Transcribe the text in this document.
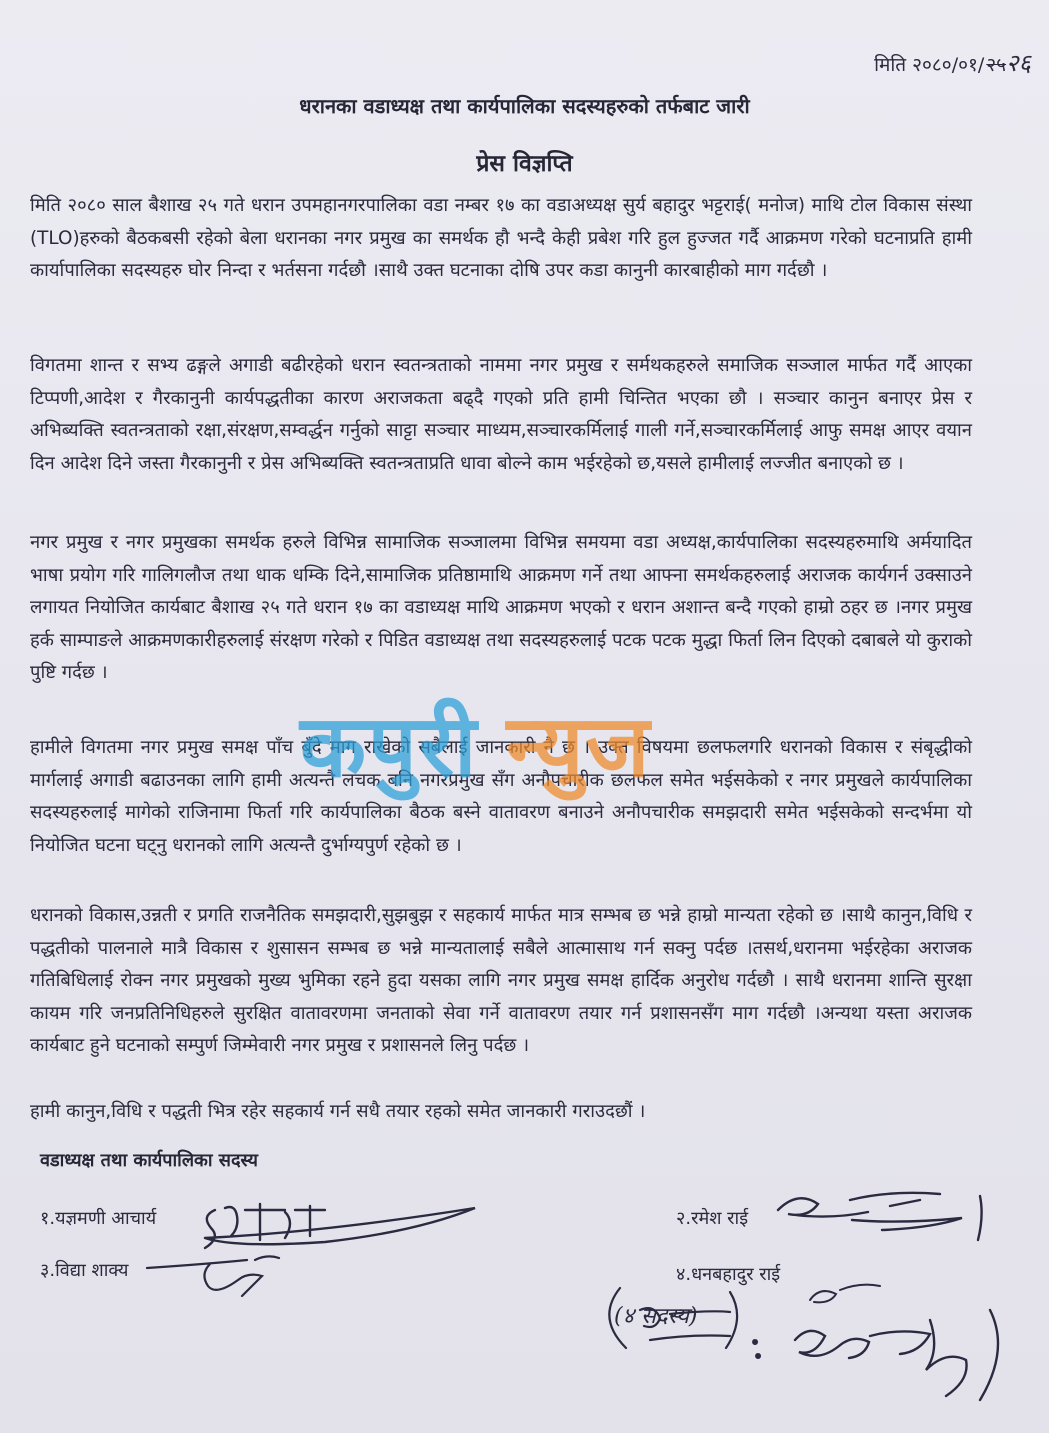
मिति २०८०/०१/ २५२६
धरानका वडाध्यक्ष तथा कार्यपालिका सदस्यहरुको तर्फबाट जारी
प्रेस विज्ञप्ति

मिति २०८० साल बैशाख २५ गते धरान उपमहानगरपालिका वडा नम्बर १७ का वडाअध्यक्ष सुर्य बहादुर भट्टराई( मनोज) माथि टोल विकास संस्था (TLO)हरुको बैठकबसी रहेको बेला धरानका नगर प्रमुख का समर्थक हौ भन्दै केही प्रबेश गरि हुल हुज्जत गर्दै आक्रमण गरेको घटनाप्रति हामी कार्यापालिका सदस्यहरु घोर निन्दा र भर्तसना गर्दछौ ।साथै उक्त घटनाका दोषि उपर कडा कानुनी कारबाहीको माग गर्दछौ ।

विगतमा शान्त र सभ्य ढङ्गले अगाडी बढीरहेको धरान स्वतन्त्रताको नाममा नगर प्रमुख र सर्मथकहरुले समाजिक सञ्जाल मार्फत गर्दै आएका टिप्पणी,आदेश र गैरकानुनी कार्यपद्धतीका कारण अराजकता बढ्दै गएको प्रति हामी चिन्तित भएका छौ । सञ्चार कानुन बनाएर प्रेस र अभिब्यक्ति स्वतन्त्रताको रक्षा,संरक्षण,सम्वर्द्धन गर्नुको साट्टा सञ्चार माध्यम,सञ्चारकर्मिलाई गाली गर्ने,सञ्चारकर्मिलाई आफु समक्ष आएर वयान दिन आदेश दिने जस्ता गैरकानुनी र प्रेस अभिब्यक्ति स्वतन्त्रताप्रति धावा बोल्ने काम भईरहेको छ,यसले हामीलाई लज्जीत बनाएको छ ।

नगर प्रमुख र नगर प्रमुखका समर्थक हरुले विभिन्न सामाजिक सञ्जालमा विभिन्न समयमा वडा अध्यक्ष,कार्यपालिका सदस्यहरुमाथि अर्मयादित भाषा प्रयोग गरि गालिगलौज तथा धाक धम्कि दिने,सामाजिक प्रतिष्ठामाथि आक्रमण गर्ने तथा आफ्ना समर्थकहरुलाई अराजक कार्यगर्न उक्साउने लगायत नियोजित कार्यबाट बैशाख २५ गते धरान १७ का वडाध्यक्ष माथि आक्रमण भएको र धरान अशान्त बन्दै गएको हाम्रो ठहर छ ।नगर प्रमुख हर्क साम्पाङले आक्रमणकारीहरुलाई संरक्षण गरेको र पिडित वडाध्यक्ष तथा सदस्यहरुलाई पटक पटक मुद्धा फिर्ता लिन दिएको दबाबले यो कुराको पुष्टि गर्दछ ।

हामीले विगतमा नगर प्रमुख समक्ष पाँच बुँदे माग राखेको सबैलाई जानकारी नै छ । उक्त विषयमा छलफलगरि धरानको विकास र संबृद्धीको मार्गलाई अगाडी बढाउनका लागि हामी अत्यन्तै लचक बनि नगरप्रमुख सँग अनौपचारीक छलफल समेत भईसकेको र नगर प्रमुखले कार्यपालिका सदस्यहरुलाई मागेको राजिनामा फिर्ता गरि कार्यपालिका बैठक बस्ने वातावरण बनाउने अनौपचारीक समझदारी समेत भईसकेको सन्दर्भमा यो नियोजित घटना घट्नु धरानको लागि अत्यन्तै दुर्भाग्यपुर्ण रहेको छ ।

धरानको विकास,उन्नती र प्रगति राजनैतिक समझदारी,सुझबुझ र सहकार्य मार्फत मात्र सम्भब छ भन्ने हाम्रो मान्यता रहेको छ ।साथै कानुन,विधि र पद्धतीको पालनाले मात्रै विकास र शुसासन सम्भब छ भन्ने मान्यतालाई सबैले आत्मासाथ गर्न सक्नु पर्दछ ।तसर्थ,धरानमा भईरहेका अराजक गतिबिधिलाई रोक्न नगर प्रमुखको मुख्य भुमिका रहने हुदा यसका लागि नगर प्रमुख समक्ष हार्दिक अनुरोध गर्दछौ । साथै धरानमा शान्ति सुरक्षा कायम गरि जनप्रतिनिधिहरुले सुरक्षित वातावरणमा जनताको सेवा गर्ने वातावरण तयार गर्न प्रशासनसँग माग गर्दछौ ।अन्यथा यस्ता अराजक कार्यबाट हुने घटनाको सम्पुर्ण जिम्मेवारी नगर प्रमुख र प्रशासनले लिनु पर्दछ ।

हामी कानुन,विधि र पद्धती भित्र रहेर सहकार्य गर्न सधै तयार रहको समेत जानकारी गराउदछौं ।

कपुरी न्युज
वडाध्यक्ष तथा कार्यपालिका सदस्य
१.यज्ञमणी आचार्य	२.रमेश राई
३.विद्या शाक्य	४.धनबहादुर राई
(४ सदस्य)
